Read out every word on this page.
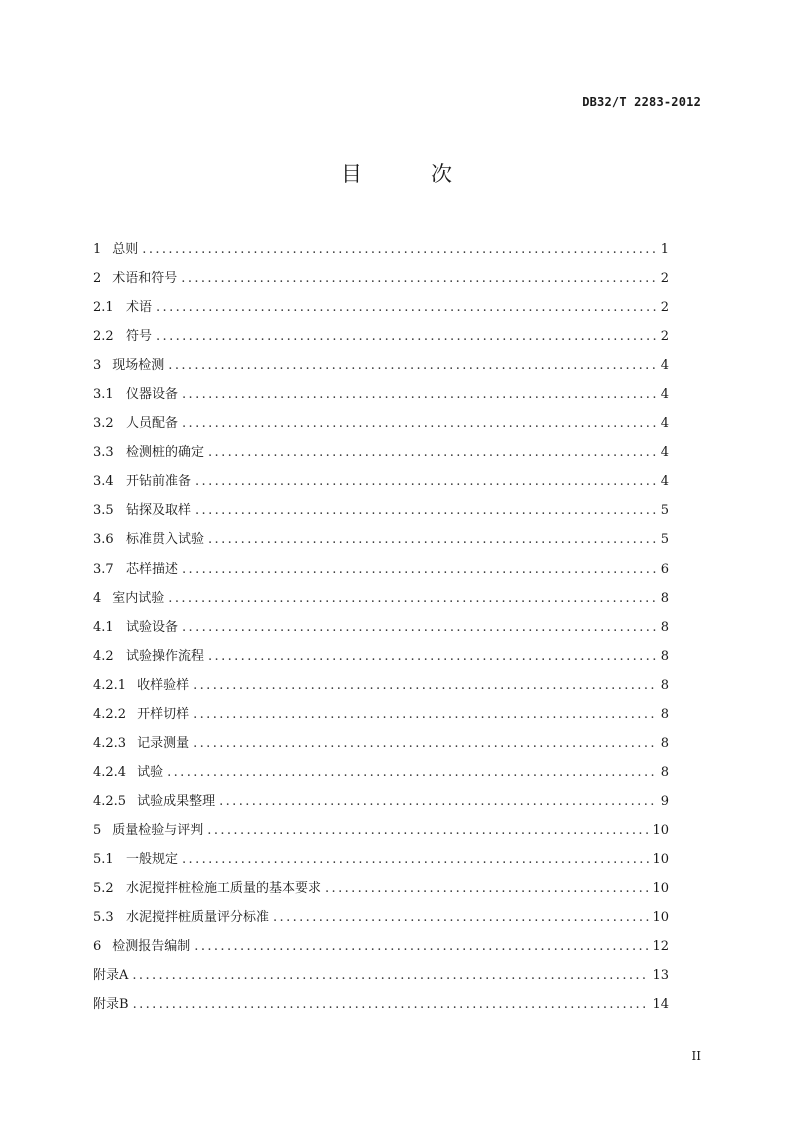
DB32/T 2283-2012
目　次
1 总则 .....	1
2 术语和符号 .....	2
2.1 术语 .....	2
2.2 符号 .....	2
3 现场检测 .....	4
3.1 仪器设备 .....	4
3.2 人员配备 .....	4
3.3 检测桩的确定 .....	4
3.4 开钻前准备 .....	4
3.5 钻探及取样 .....	5
3.6 标准贯入试验 .....	5
3.7 芯样描述 .....	6
4 室内试验 .....	8
4.1 试验设备 .....	8
4.2 试验操作流程 .....	8
4.2.1 收样验样 .....	8
4.2.2 开样切样 .....	8
4.2.3 记录测量 .....	8
4.2.4 试验 .....	8
4.2.5 试验成果整理 .....	9
5 质量检验与评判 .....	10
5.1 一般规定 .....	10
5.2 水泥搅拌桩检施工质量的基本要求 .....	10
5.3 水泥搅拌桩质量评分标准 .....	10
6 检测报告编制 .....	12
附录A .....	13
附录B .....	14
II
